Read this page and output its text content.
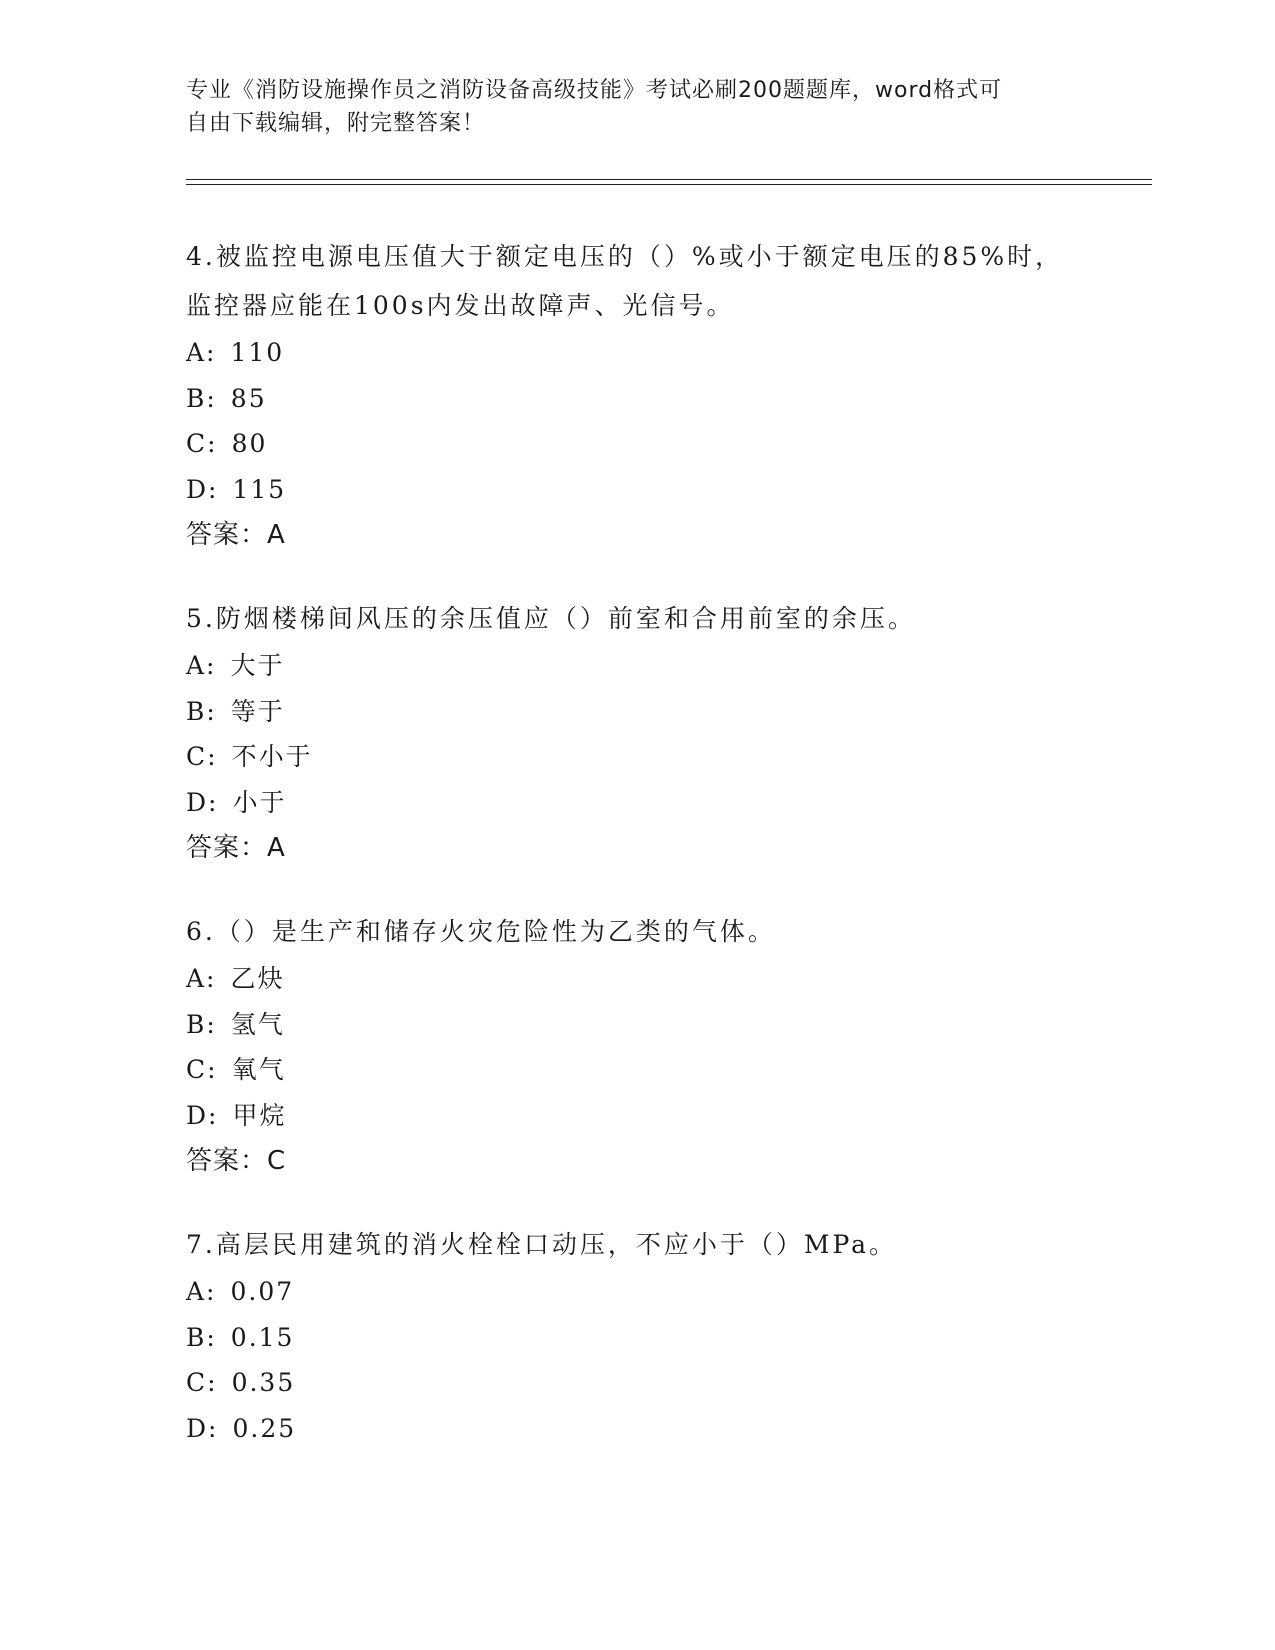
专业《消防设施操作员之消防设备高级技能》考试必刷200题题库，word格式可
自由下载编辑，附完整答案！
4.被监控电源电压值大于额定电压的（）%或小于额定电压的85%时，
监控器应能在100s内发出故障声、光信号。
A: 110
B: 85
C: 80
D: 115
答案：A
5.防烟楼梯间风压的余压值应（）前室和合用前室的余压。
A: 大于
B: 等于
C: 不小于
D: 小于
答案：A
6.（）是生产和储存火灾危险性为乙类的气体。
A: 乙炔
B: 氢气
C: 氧气
D: 甲烷
答案：C
7.高层民用建筑的消火栓栓口动压，不应小于（）MPa。
A: 0.07
B: 0.15
C: 0.35
D: 0.25
